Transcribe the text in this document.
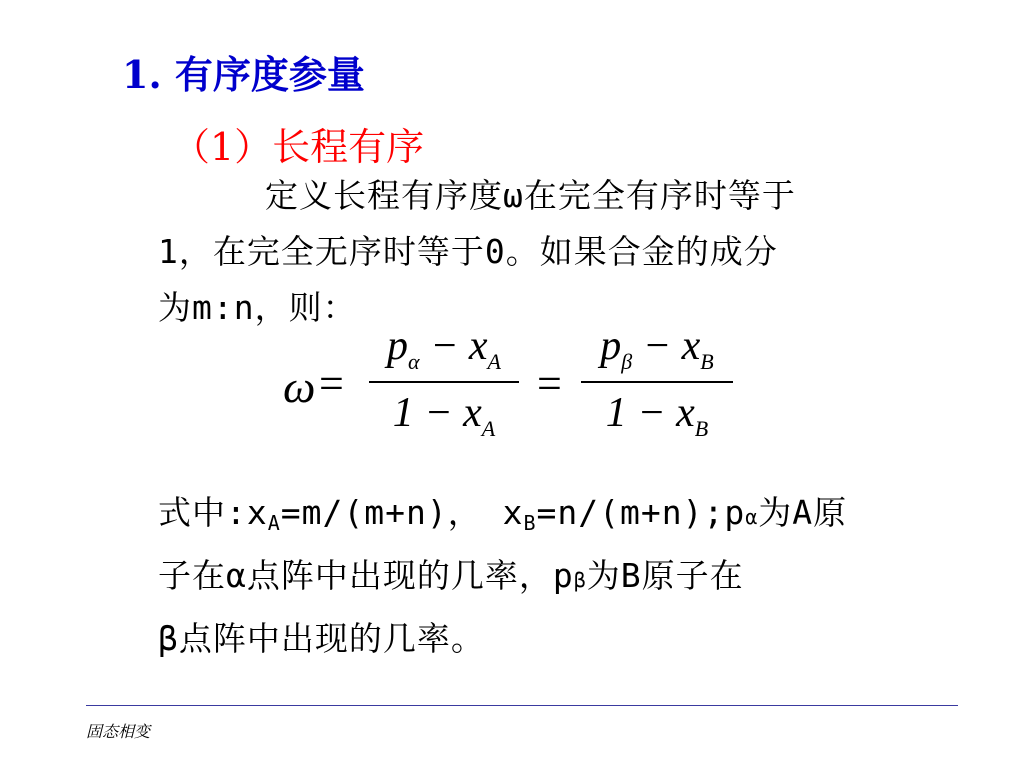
1. 有序度参量
（1）长程有序
定义长程有序度ω在完全有序时等于
1，在完全无序时等于0。如果合金的成分
为m:n，则：
ω =
$p_\alpha - x_A$
$1 - x_A$
=
$p_\beta - x_B$
$1 - x_B$
式中$:x_A=m/(m+n)$， $x_B=n/(m+n);p\alpha$为A原
子在α点阵中出现的几率，pβ为B原子在
β点阵中出现的几率。
固态相变
